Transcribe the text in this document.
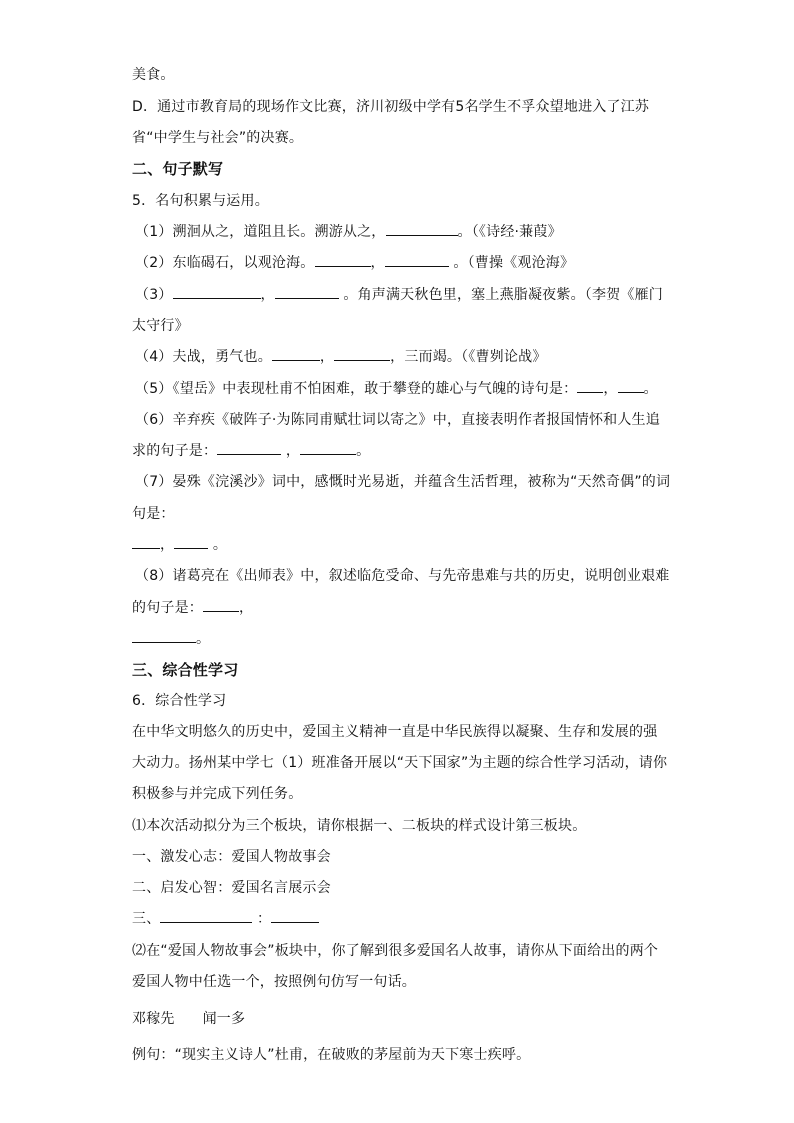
美食。
D．通过市教育局的现场作文比赛，济川初级中学有5名学生不孚众望地进入了江苏
省“中学生与社会”的决赛。
二、句子默写
5．名句积累与运用。
（1）溯洄从之，道阻且长。溯游从之，	。（《诗经·蒹葭》
（2）东临碣石，以观沧海。	，	。（曹操《观沧海》
（3）	，	。角声满天秋色里，塞上燕脂凝夜紫。（李贺《雁门
太守行》
（4）夫战，勇气也。	，	，三而竭。（《曹刿论战》
（5）《望岳》中表现杜甫不怕困难，敢于攀登的雄心与气魄的诗句是： ， 。
（6）辛弃疾《破阵子·为陈同甫赋壮词以寄之》中，直接表明作者报国情怀和人生追
求的句子是：	，	。
（7）晏殊《浣溪沙》词中，感慨时光易逝，并蕴含生活哲理，被称为“天然奇偶”的词
句是：
， 。
（8）诸葛亮在《出师表》中，叙述临危受命、与先帝患难与共的历史，说明创业艰难
的句子是：	，
。
三、综合性学习
6．综合性学习
在中华文明悠久的历史中，爱国主义精神一直是中华民族得以凝聚、生存和发展的强
大动力。扬州某中学七（1）班准备开展以“天下国家”为主题的综合性学习活动，请你
积极参与并完成下列任务。
⑴本次活动拟分为三个板块，请你根据一、二板块的样式设计第三板块。
一、激发心志：爱国人物故事会
二、启发心智：爱国名言展示会
三、	：
⑵在“爱国人物故事会”板块中，你了解到很多爱国名人故事，请你从下面给出的两个
爱国人物中任选一个，按照例句仿写一句话。
邓稼先 闻一多
例句：“现实主义诗人”杜甫，在破败的茅屋前为天下寒士疾呼。
